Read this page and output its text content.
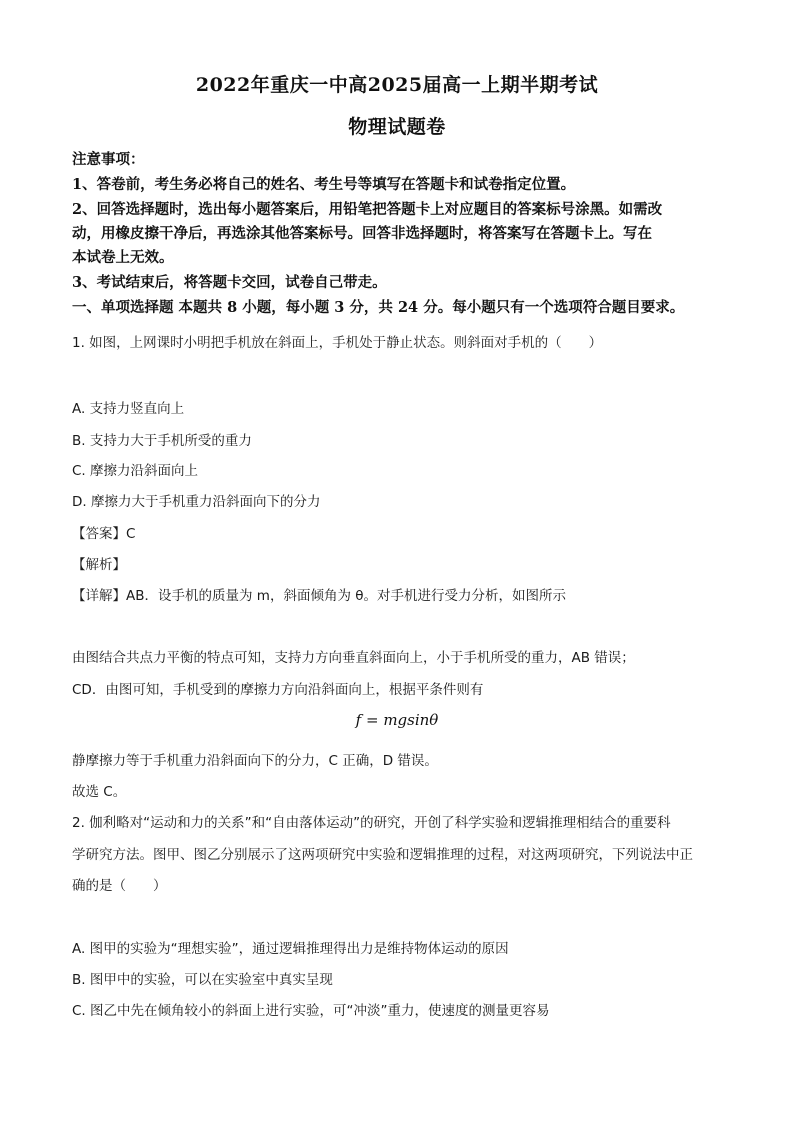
2022年重庆一中高2025届高一上期半期考试
物理试题卷
注意事项：
1、答卷前，考生务必将自己的姓名、考生号等填写在答题卡和试卷指定位置。
2、回答选择题时，选出每小题答案后，用铅笔把答题卡上对应题目的答案标号涂黑。如需改
动，用橡皮擦干净后，再选涂其他答案标号。回答非选择题时，将答案写在答题卡上。写在
本试卷上无效。
3、考试结束后，将答题卡交回，试卷自己带走。
一、单项选择题 本题共 8 小题，每小题 3 分，共 24 分。每小题只有一个选项符合题目要求。
1. 如图，上网课时小明把手机放在斜面上，手机处于静止状态。则斜面对手机的（　　）
A. 支持力竖直向上
B. 支持力大于手机所受的重力
C. 摩擦力沿斜面向上
D. 摩擦力大于手机重力沿斜面向下的分力
【答案】C
【解析】
【详解】AB．设手机的质量为 m，斜面倾角为 θ。对手机进行受力分析，如图所示
由图结合共点力平衡的特点可知，支持力方向垂直斜面向上，小于手机所受的重力，AB 错误；
CD．由图可知，手机受到的摩擦力方向沿斜面向上，根据平条件则有
f = mgsinθ
静摩擦力等于手机重力沿斜面向下的分力，C 正确，D 错误。
故选 C。
2. 伽利略对“运动和力的关系”和“自由落体运动”的研究，开创了科学实验和逻辑推理相结合的重要科
学研究方法。图甲、图乙分别展示了这两项研究中实验和逻辑推理的过程，对这两项研究，下列说法中正
确的是（　　）
A. 图甲的实验为“理想实验”，通过逻辑推理得出力是维持物体运动的原因
B. 图甲中的实验，可以在实验室中真实呈现
C. 图乙中先在倾角较小的斜面上进行实验，可“冲淡”重力，使速度的测量更容易
